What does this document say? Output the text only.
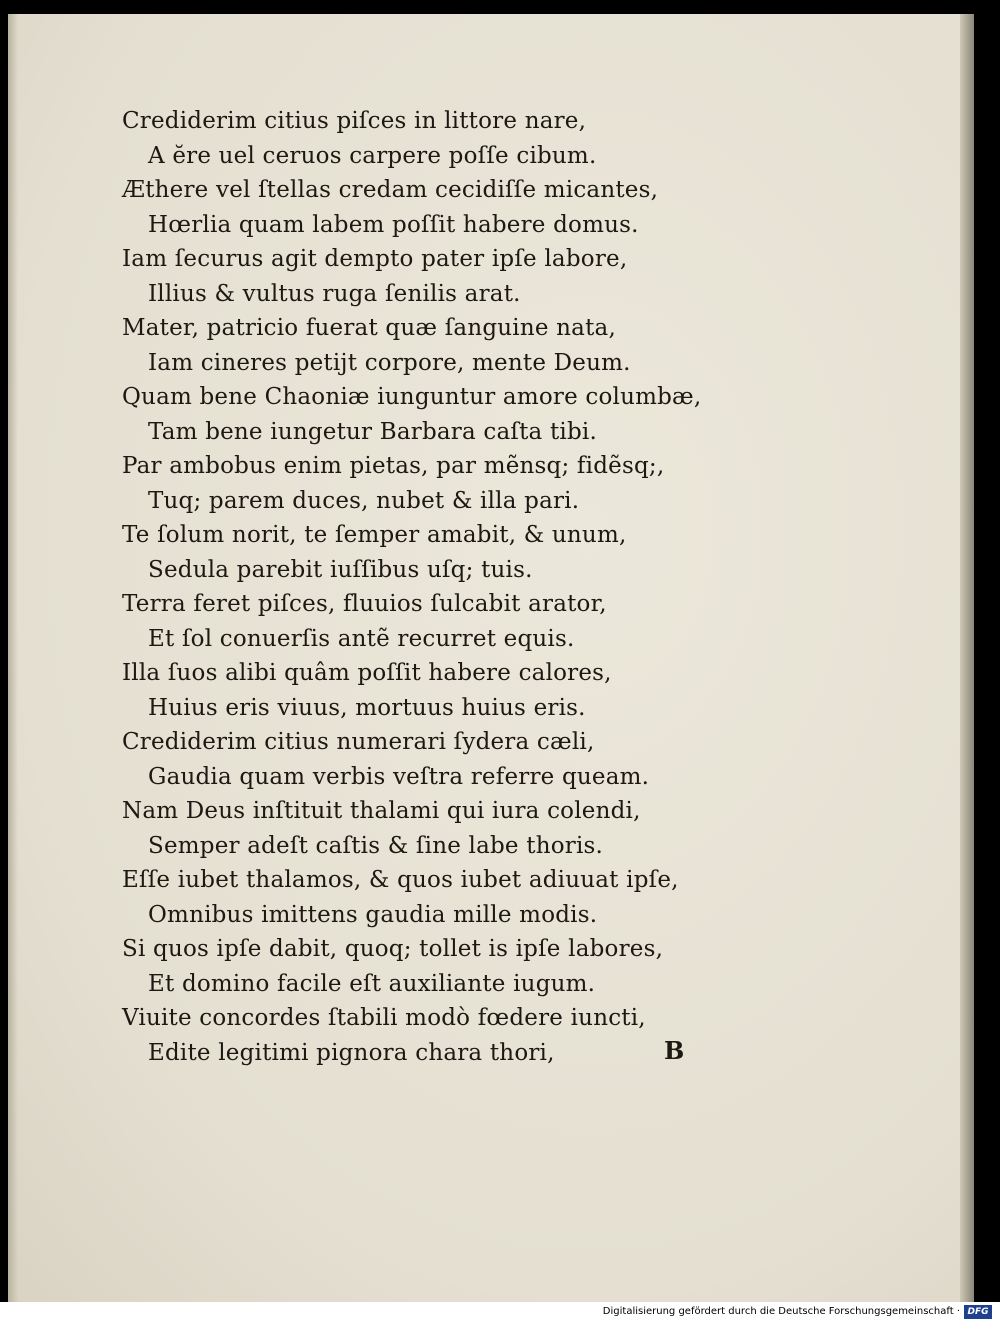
Crediderim citius piſces in littore nare,
A ĕre uel ceruos carpere poſſe cibum.
Æthere vel ſtellas credam cecidiſſe micantes,
Hœrlia quam labem poſſit habere domus.
Iam ſecurus agit dempto pater ipſe labore,
Illius & vultus ruga ſenilis arat.
Mater, patricio fuerat quæ ſanguine nata,
Iam cineres petijt corpore, mente Deum.
Quam bene Chaoniæ iunguntur amore columbæ,
Tam bene iungetur Barbara caſta tibi.
Par ambobus enim pietas, par mẽnsq; fidẽsq;,
Tuq; parem duces, nubet & illa pari.
Te ſolum norit, te ſemper amabit, & unum,
Sedula parebit iuſſibus uſq; tuis.
Terra feret piſces, fluuios ſulcabit arator,
Et ſol conuerſis antẽ recurret equis.
Illa ſuos alibi quâm poſſit habere calores,
Huius eris viuus, mortuus huius eris.
Crediderim citius numerari ſydera cæli,
Gaudia quam verbis veſtra referre queam.
Nam Deus inſtituit thalami qui iura colendi,
Semper adeſt caſtis & ſine labe thoris.
Eſſe iubet thalamos, & quos iubet adiuuat ipſe,
Omnibus imittens gaudia mille modis.
Si quos ipſe dabit, quoq; tollet is ipſe labores,
Et domino facile eſt auxiliante iugum.
Viuite concordes ſtabili modò fœdere iuncti,
Edite legitimi pignora chara thori,	B
Digitalisierung gefördert durch die Deutsche Forschungsgemeinschaft · DFG
